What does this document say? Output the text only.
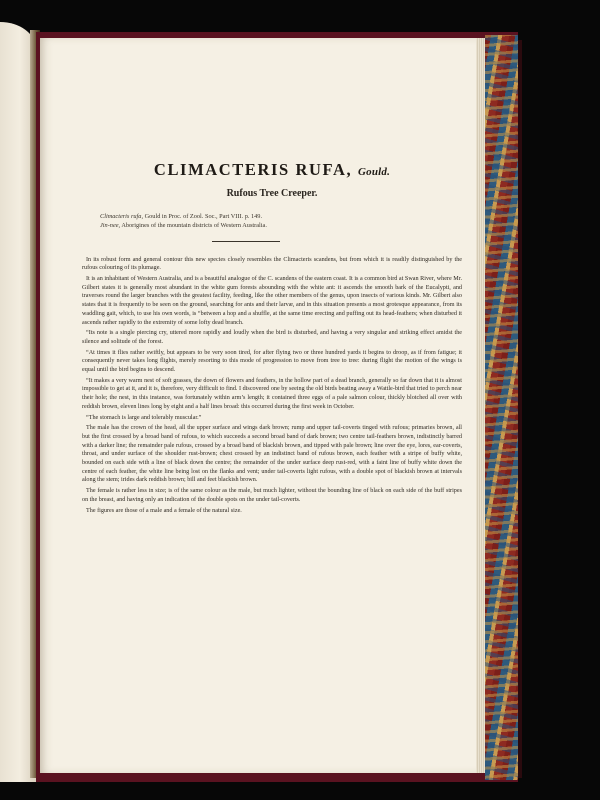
CLIMACTERIS RUFA, Gould.
Rufous Tree Creeper.
Climacteris rufa, Gould in Proc. of Zool. Soc., Part VIII. p. 149.
Jin-nee, Aborigines of the mountain districts of Western Australia.

In its robust form and general contour this new species closely resembles the Climacteris scandens, but from which it is readily distinguished by the rufous colouring of its plumage.

It is an inhabitant of Western Australia, and is a beautiful analogue of the C. scandens of the eastern coast. It is a common bird at Swan River, where Mr. Gilbert states it is generally most abundant in the white gum forests abounding with the white ant: it ascends the smooth bark of the Eucalypti, and traverses round the larger branches with the greatest facility, feeding, like the other members of the genus, upon insects of various kinds. Mr. Gilbert also states that it is frequently to be seen on the ground, searching for ants and their larvæ, and in this situation presents a most grotesque appearance, from its waddling gait, which, to use his own words, is “between a hop and a shuffle, at the same time erecting and puffing out its head-feathers; when disturbed it ascends rather rapidly to the extremity of some lofty dead branch.

“Its note is a single piercing cry, uttered more rapidly and loudly when the bird is disturbed, and having a very singular and striking effect amidst the silence and solitude of the forest.

“At times it flies rather swiftly, but appears to be very soon tired, for after flying two or three hundred yards it begins to droop, as if from fatigue; it consequently never takes long flights, merely resorting to this mode of progression to move from tree to tree: during flight the motion of the wings is equal until the bird begins to descend.

“It makes a very warm nest of soft grasses, the down of flowers and feathers, in the hollow part of a dead branch, generally so far down that it is almost impossible to get at it, and it is, therefore, very difficult to find. I discovered one by seeing the old birds beating away a Wattle-bird that tried to perch near their hole; the nest, in this instance, was fortunately within arm’s length; it contained three eggs of a pale salmon colour, thickly blotched all over with reddish brown, eleven lines long by eight and a half lines broad: this occurred during the first week in October.

“The stomach is large and tolerably muscular.”

The male has the crown of the head, all the upper surface and wings dark brown; rump and upper tail-coverts tinged with rufous; primaries brown, all but the first crossed by a broad band of rufous, to which succeeds a second broad band of dark brown; two centre tail-feathers brown, indistinctly barred with a darker line; the remainder pale rufous, crossed by a broad band of blackish brown, and tipped with pale brown; line over the eye, lores, ear-coverts, throat, and under surface of the shoulder rust-brown; chest crossed by an indistinct band of rufous brown, each feather with a stripe of buffy white, bounded on each side with a line of black down the centre; the remainder of the under surface deep rust-red, with a faint line of buffy white down the centre of each feather, the white line being lost on the flanks and vent; under tail-coverts light rufous, with a double spot of blackish brown at intervals along the stem; irides dark reddish brown; bill and feet blackish brown.

The female is rather less in size; is of the same colour as the male, but much lighter, without the bounding line of black on each side of the buff stripes on the breast, and having only an indication of the double spots on the under tail-coverts.

The figures are those of a male and a female of the natural size.
